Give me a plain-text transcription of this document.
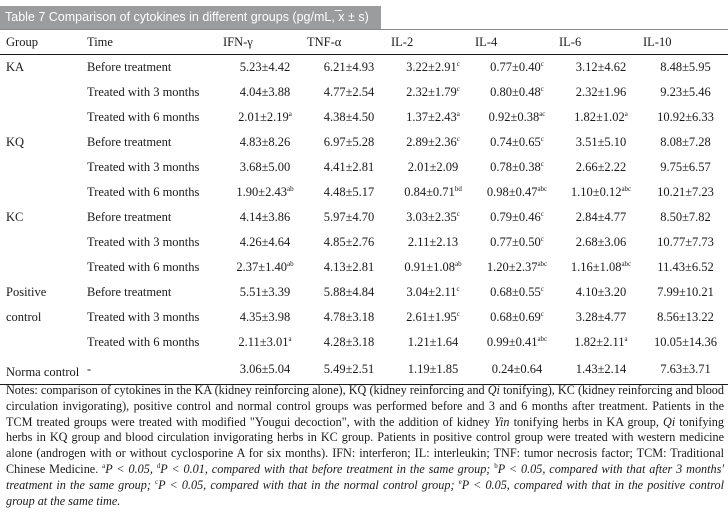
Table 7 Comparison of cytokines in different groups (pg/mL, ̅x ± s)
Group	Time	IFN-γ	TNF-α	IL-2	IL-4	IL-6	IL-10
KA	Before treatment	5.23±4.42	6.21±4.93	3.22±2.91$^c$	0.77±0.40$^c$	3.12±4.62	8.48±5.95
	Treated with 3 months	4.04±3.88	4.77±2.54	2.32±1.79$^c$	0.80±0.48$^c$	2.32±1.96	9.23±5.46
	Treated with 6 months	2.01±2.19$^a$	4.38±4.50	1.37±2.43$^a$	0.92±0.38$^{ac}$	1.82±1.02$^a$	10.92±6.33
KQ	Before treatment	4.83±8.26	6.97±5.28	2.89±2.36$^c$	0.74±0.65$^c$	3.51±5.10	8.08±7.28
	Treated with 3 months	3.68±5.00	4.41±2.81	2.01±2.09	0.78±0.38$^c$	2.66±2.22	9.75±6.57
	Treated with 6 months	1.90±2.43$^{ab}$	4.48±5.17	0.84±0.71$^{bd}$	0.98±0.47$^{abc}$	1.10±0.12$^{abc}$	10.21±7.23
KC	Before treatment	4.14±3.86	5.97±4.70	3.03±2.35$^c$	0.79±0.46$^c$	2.84±4.77	8.50±7.82
	Treated with 3 months	4.26±4.64	4.85±2.76	2.11±2.13	0.77±0.50$^c$	2.68±3.06	10.77±7.73
	Treated with 6 months	2.37±1.40$^{ab}$	4.13±2.81	0.91±1.08$^{ab}$	1.20±2.37$^{abc}$	1.16±1.08$^{abc}$	11.43±6.52
Positive	Before treatment	5.51±3.39	5.88±4.84	3.04±2.11$^c$	0.68±0.55$^c$	4.10±3.20	7.99±10.21
control	Treated with 3 months	4.35±3.98	4.78±3.18	2.61±1.95$^c$	0.68±0.69$^c$	3.28±4.77	8.56±13.22
	Treated with 6 months	2.11±3.01$^a$	4.28±3.18	1.21±1.64	0.99±0.41$^{abc}$	1.82±2.11$^a$	10.05±14.36
Norma control	-	3.06±5.04	5.49±2.51	1.19±1.85	0.24±0.64	1.43±2.14	7.63±3.71
Notes: comparison of cytokines in the KA (kidney reinforcing alone), KQ (kidney reinforcing and Qi tonifying), KC (kidney reinforcing and blood circulation invigorating), positive control and normal control groups was performed before and 3 and 6 months after treatment. Patients in the TCM treated groups were treated with modified "Yougui decoction", with the addition of kidney Yin tonifying herbs in KA group, Qi tonifying herbs in KQ group and blood circulation invigorating herbs in KC group. Patients in positive control group were treated with western medicine alone (androgen with or without cyclosporine A for six months). IFN: interferon; IL: interleukin; TNF: tumor necrosis factor; TCM: Traditional Chinese Medicine. $^a$P < 0.05, $^d$P < 0.01, compared with that before treatment in the same group; $^b$P < 0.05, compared with that after 3 months' treatment in the same group; $^c$P < 0.05, compared with that in the normal control group; $^e$P < 0.05, compared with that in the positive control group at the same time.
